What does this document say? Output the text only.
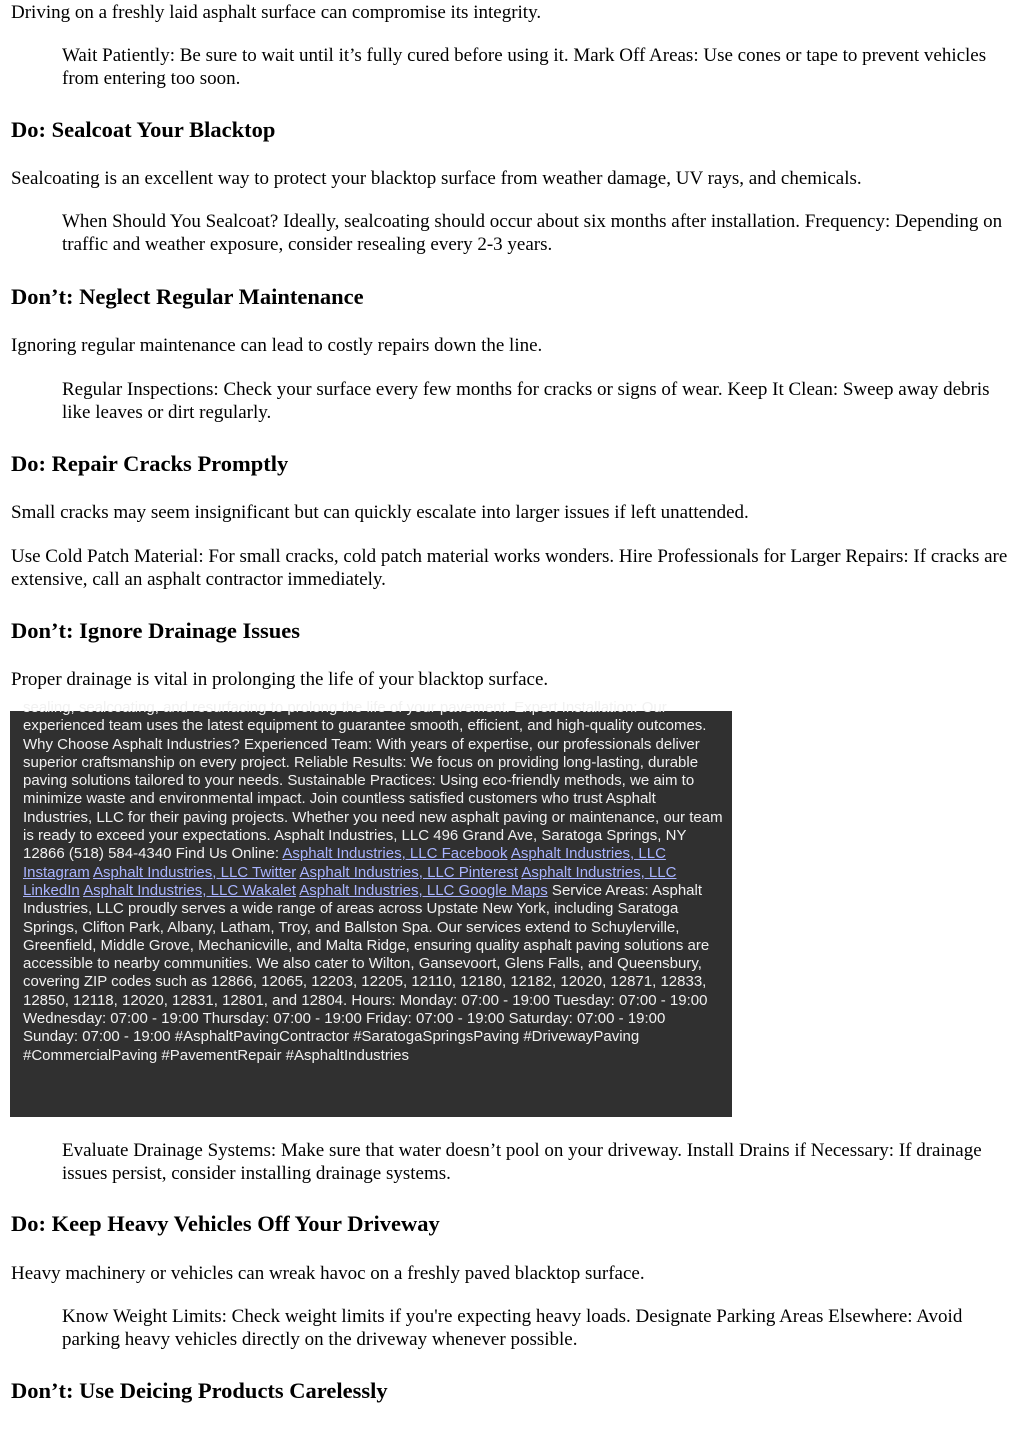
Driving on a freshly laid asphalt surface can compromise its integrity.

Wait Patiently: Be sure to wait until it’s fully cured before using it. Mark Off Areas: Use cones or tape to prevent vehicles from entering too soon.

Do: Sealcoat Your Blacktop

Sealcoating is an excellent way to protect your blacktop surface from weather damage, UV rays, and chemicals.

When Should You Sealcoat? Ideally, sealcoating should occur about six months after installation. Frequency: Depending on traffic and weather exposure, consider resealing every 2-3 years.

Don’t: Neglect Regular Maintenance

Ignoring regular maintenance can lead to costly repairs down the line.

Regular Inspections: Check your surface every few months for cracks or signs of wear. Keep It Clean: Sweep away debris like leaves or dirt regularly.

Do: Repair Cracks Promptly

Small cracks may seem insignificant but can quickly escalate into larger issues if left unattended.

Use Cold Patch Material: For small cracks, cold patch material works wonders. Hire Professionals for Larger Repairs: If cracks are extensive, call an asphalt contractor immediately.

Don’t: Ignore Drainage Issues

Proper drainage is vital in prolonging the life of your blacktop surface.

Evaluate Drainage Systems: Make sure that water doesn’t pool on your driveway. Install Drains if Necessary: If drainage issues persist, consider installing drainage systems.

Do: Keep Heavy Vehicles Off Your Driveway

Heavy machinery or vehicles can wreak havoc on a freshly paved blacktop surface.

Know Weight Limits: Check weight limits if you're expecting heavy loads. Designate Parking Areas Elsewhere: Avoid parking heavy vehicles directly on the driveway whenever possible.

Don’t: Use Deicing Products Carelessly
sealing, sealcoating, and resurfacing to prolong the life of your pavement. Expert Installation: Our experienced team uses the latest equipment to guarantee smooth, efficient, and high-quality outcomes. Why Choose Asphalt Industries? Experienced Team: With years of expertise, our professionals deliver superior craftsmanship on every project. Reliable Results: We focus on providing long-lasting, durable paving solutions tailored to your needs. Sustainable Practices: Using eco-friendly methods, we aim to minimize waste and environmental impact. Join countless satisfied customers who trust Asphalt Industries, LLC for their paving projects. Whether you need new asphalt paving or maintenance, our team is ready to exceed your expectations. Asphalt Industries, LLC 496 Grand Ave, Saratoga Springs, NY 12866 (518) 584-4340 Find Us Online: Asphalt Industries, LLC Facebook Asphalt Industries, LLC Instagram Asphalt Industries, LLC Twitter Asphalt Industries, LLC Pinterest Asphalt Industries, LLC LinkedIn Asphalt Industries, LLC Wakalet Asphalt Industries, LLC Google Maps Service Areas: Asphalt Industries, LLC proudly serves a wide range of areas across Upstate New York, including Saratoga Springs, Clifton Park, Albany, Latham, Troy, and Ballston Spa. Our services extend to Schuylerville, Greenfield, Middle Grove, Mechanicville, and Malta Ridge, ensuring quality asphalt paving solutions are accessible to nearby communities. We also cater to Wilton, Gansevoort, Glens Falls, and Queensbury, covering ZIP codes such as 12866, 12065, 12203, 12205, 12110, 12180, 12182, 12020, 12871, 12833, 12850, 12118, 12020, 12831, 12801, and 12804. Hours: Monday: 07:00 - 19:00 Tuesday: 07:00 - 19:00 Wednesday: 07:00 - 19:00 Thursday: 07:00 - 19:00 Friday: 07:00 - 19:00 Saturday: 07:00 - 19:00 Sunday: 07:00 - 19:00 #AsphaltPavingContractor #SaratogaSpringsPaving #DrivewayPaving #CommercialPaving #PavementRepair #AsphaltIndustries
